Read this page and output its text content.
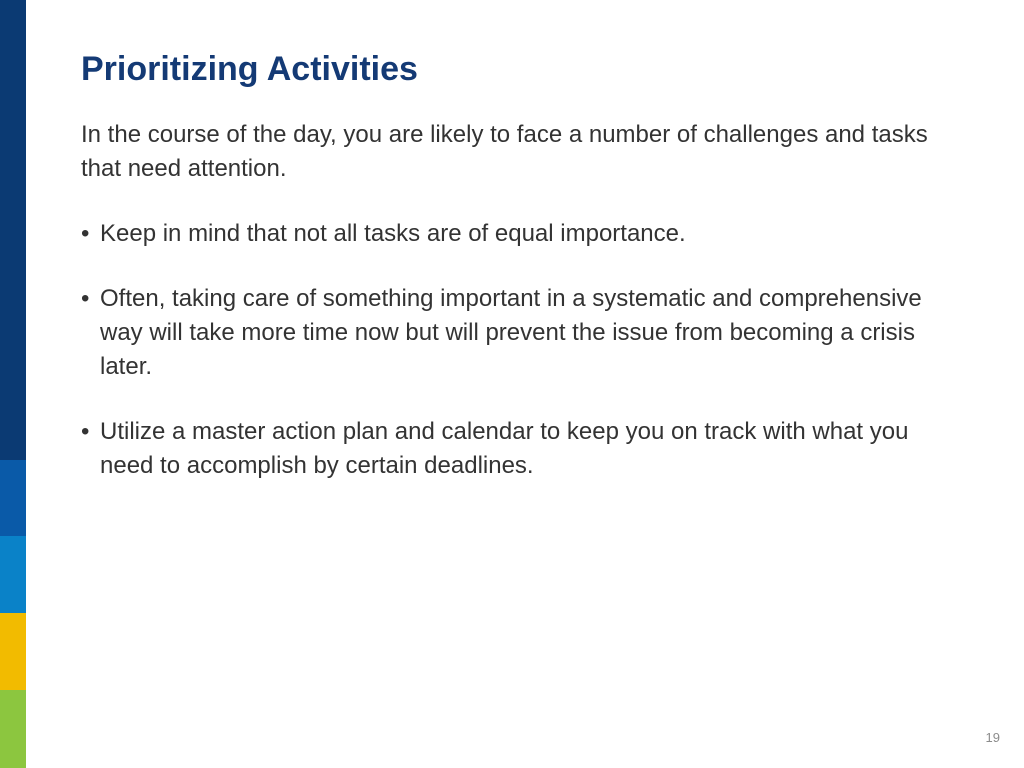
Prioritizing Activities

In the course of the day, you are likely to face a number of challenges and tasks that need attention.

• Keep in mind that not all tasks are of equal importance.
• Often, taking care of something important in a systematic and comprehensive way will take more time now but will prevent the issue from becoming a crisis later.
• Utilize a master action plan and calendar to keep you on track with what you need to accomplish by certain deadlines.
19
